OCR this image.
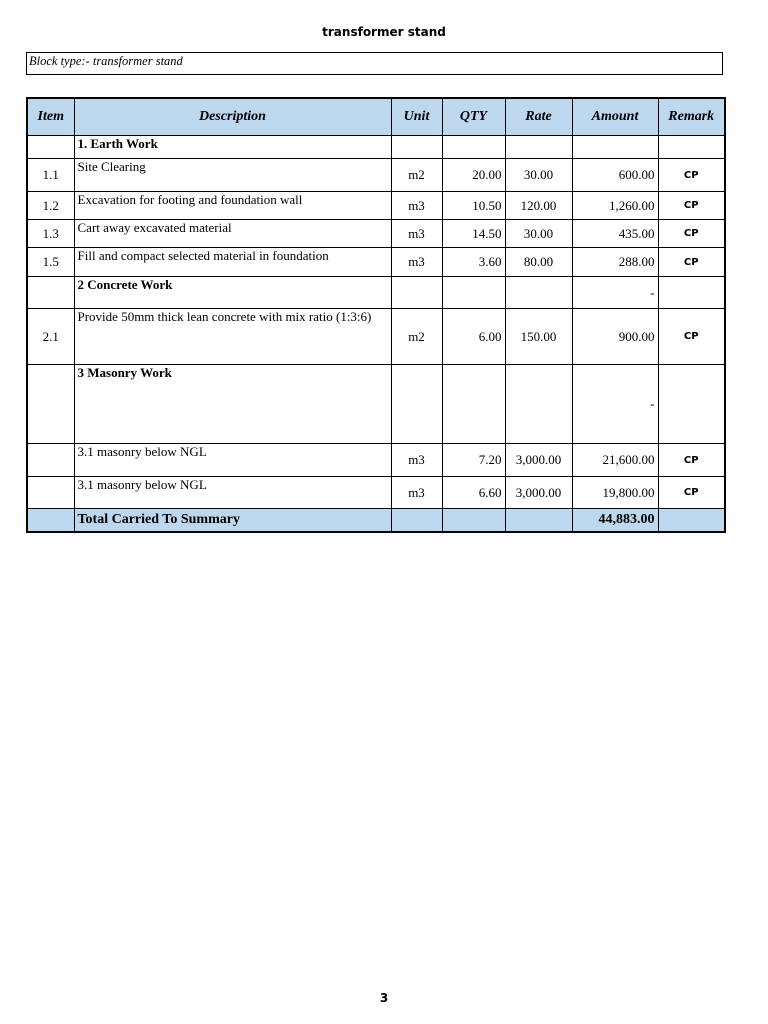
transformer stand
Block type:- transformer stand
Item	Description	Unit	QTY	Rate	Amount	Remark
	1. Earth Work					
1.1	Site Clearing	m2	20.00	30.00	600.00	CP
1.2	Excavation for footing and foundation wall	m3	10.50	120.00	1,260.00	CP
1.3	Cart away excavated material	m3	14.50	30.00	435.00	CP
1.5	Fill and compact selected material in foundation	m3	3.60	80.00	288.00	CP
	2 Concrete Work				-	
2.1	Provide 50mm thick lean concrete with mix ratio (1:3:6)	m2	6.00	150.00	900.00	CP
	3 Masonry Work				-	
	3.1 masonry below NGL	m3	7.20	3,000.00	21,600.00	CP
	3.1 masonry below NGL	m3	6.60	3,000.00	19,800.00	CP
	Total Carried To Summary				44,883.00	
3
